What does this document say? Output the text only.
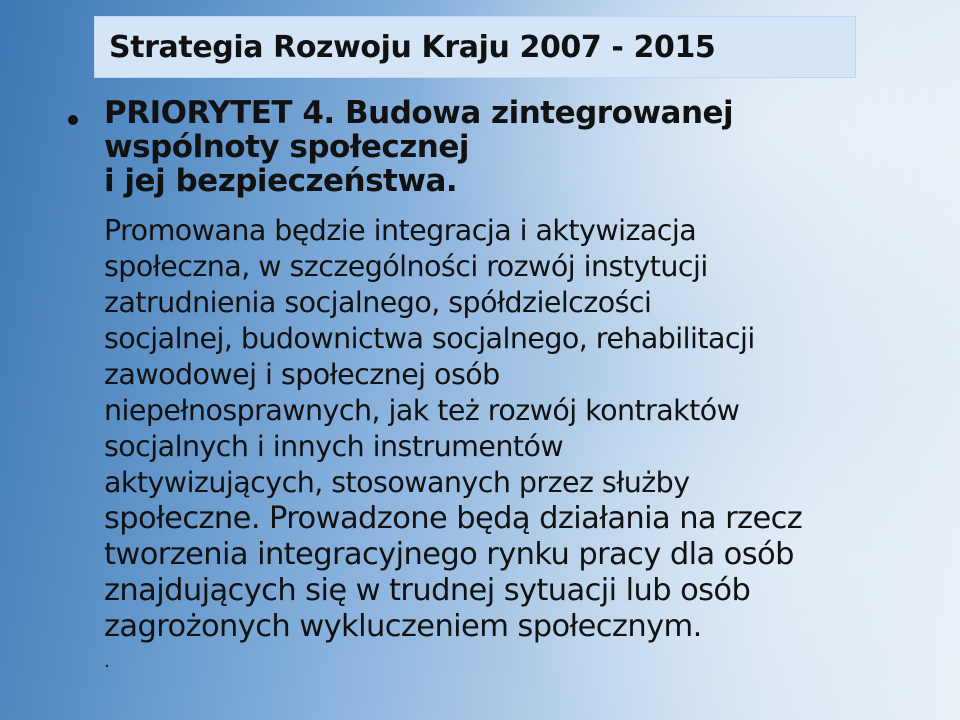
Strategia Rozwoju Kraju 2007 - 2015
PRIORYTET 4. Budowa zintegrowanej
wspólnoty społecznej
i jej bezpieczeństwa.

Promowana będzie integracja i aktywizacja
społeczna, w szczególności rozwój instytucji
zatrudnienia socjalnego, spółdzielczości
socjalnej, budownictwa socjalnego, rehabilitacji
zawodowej i społecznej osób
niepełnosprawnych, jak też rozwój kontraktów
socjalnych i innych instrumentów
aktywizujących, stosowanych przez służby
społeczne. Prowadzone będą działania na rzecz
tworzenia integracyjnego rynku pracy dla osób
znajdujących się w trudnej sytuacji lub osób
zagrożonych wykluczeniem społecznym.

.
